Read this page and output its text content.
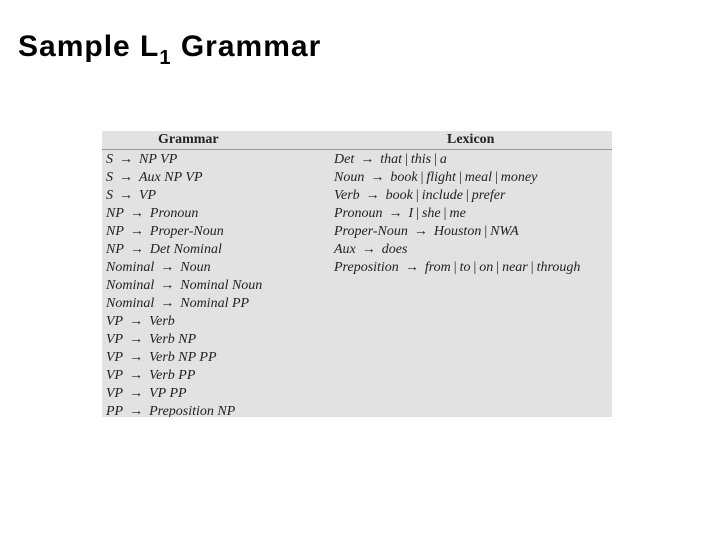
Sample $L_1$ Grammar
Grammar	Lexicon
S → NP VP
S → Aux NP VP
S → VP
NP → Pronoun
NP → Proper-Noun
NP → Det Nominal
Nominal → Noun
Nominal → Nominal Noun
Nominal → Nominal PP
VP → Verb
VP → Verb NP
VP → Verb NP PP
VP → Verb PP
VP → VP PP
PP → Preposition NP
Det → that | this | a
Noun → book | flight | meal | money
Verb → book | include | prefer
Pronoun → I | she | me
Proper-Noun → Houston | NWA
Aux → does
Preposition → from | to | on | near | through
